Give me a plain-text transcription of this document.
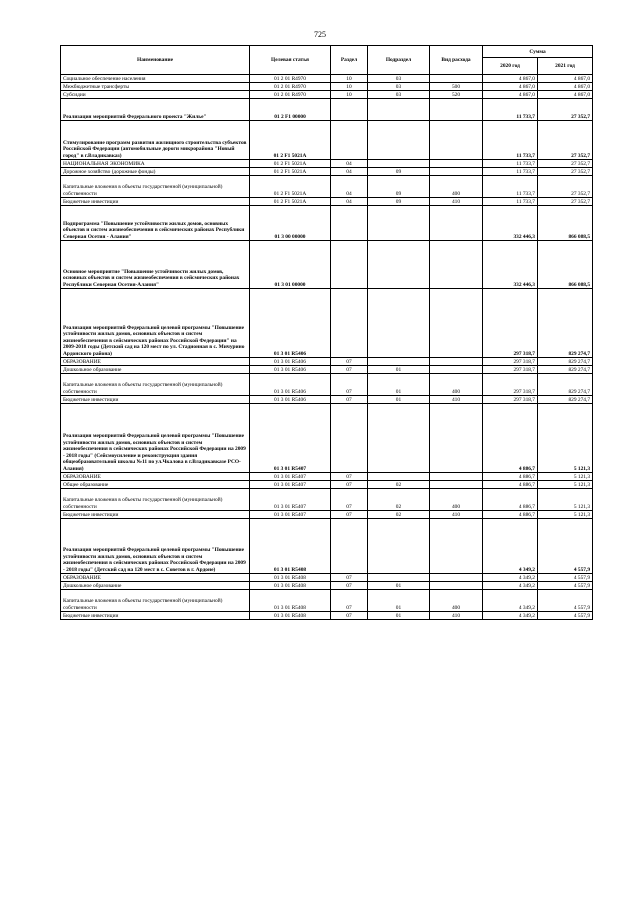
725
Наименование	Целевая статья	Раздел	Подраздел	Вид расхода	Сумма	
					2020 год	2021 год
Социальное обеспечение населения	01 2 01 R4970	10	03		4 867,0	4 867,0
Межбюджетные трансферты	01 2 01 R4970	10	03	500	4 867,0	4 867,0
Субсидии	01 2 01 R4970	10	03	520	4 867,0	4 867,0
Реализация мероприятий Федерального проекта "Жилье"	01 2 F1 00000				11 733,7	27 352,7
Стимулирование программ развития жилищного строительства субъектов Российской Федерации (автомобильные дороги микрорайона "Новый город" в г.Владикавказ)	01 2 F1 5021A				11 733,7	27 352,7
НАЦИОНАЛЬНАЯ ЭКОНОМИКА	01 2 F1 5021A	04			11 733,7	27 352,7
Дорожное хозяйство (дорожные фонды)	01 2 F1 5021A	04	09		11 733,7	27 352,7
Капитальные вложения в объекты государственной (муниципальной) собственности	01 2 F1 5021A	04	09	400	11 733,7	27 352,7
Бюджетные инвестиции	01 2 F1 5021A	04	09	410	11 733,7	27 352,7
Подпрограмма "Повышение устойчивости жилых домов, основных объектов и систем жизнеобеспечения в сейсмических районах Республики Северная Осетия - Алания"	01 3 00 00000				332 446,3	866 088,5
Основное мероприятие "Повышение устойчивости жилых домов, основных объектов и систем жизнеобеспечения в сейсмических районах Республики Северная Осетия-Алания"	01 3 01 00000				332 446,3	866 088,5
Реализация мероприятий Федеральной целевой программы "Повышение устойчивости жилых домов, основных объектов и систем жизнеобеспечения в сейсмических районах Российской Федерации" на 2009-2018 годы (Детский сад на 120 мест по ул. Стадионная в с. Мичурино Ардонского района)	01 3 01 R5406				297 318,7	829 274,7
ОБРАЗОВАНИЕ	01 3 01 R5406	07			297 318,7	829 274,7
Дошкольное образование	01 3 01 R5406	07	01		297 318,7	829 274,7
Капитальные вложения в объекты государственной (муниципальной) собственности	01 3 01 R5406	07	01	400	297 318,7	829 274,7
Бюджетные инвестиции	01 3 01 R5406	07	01	410	297 318,7	829 274,7
Реализация мероприятий Федеральной целевой программы "Повышение устойчивости жилых домов, основных объектов и систем жизнеобеспечения в сейсмических районах Российской Федерации на 2009 - 2018 годы" (Сейсмоусиление и реконструкция здания общеобразовательной школы №11 по ул.Чкалова в г.Владикавказе РСО-Алания)	01 3 01 R5407				4 886,7	5 121,3
ОБРАЗОВАНИЕ	01 3 01 R5407	07			4 886,7	5 121,3
Общее образование	01 3 01 R5407	07	02		4 886,7	5 121,3
Капитальные вложения в объекты государственной (муниципальной) собственности	01 3 01 R5407	07	02	400	4 886,7	5 121,3
Бюджетные инвестиции	01 3 01 R5407	07	02	410	4 886,7	5 121,3
Реализация мероприятий Федеральной целевой программы "Повышение устойчивости жилых домов, основных объектов и систем жизнеобеспечения в сейсмических районах Российской Федерации на 2009 - 2018 годы" (Детский сад на 120 мест в с. Советов в г. Ардоне)	01 3 01 R5408				4 349,2	4 557,9
ОБРАЗОВАНИЕ	01 3 01 R5408	07			4 349,2	4 557,9
Дошкольное образование	01 3 01 R5408	07	01		4 349,2	4 557,9
Капитальные вложения в объекты государственной (муниципальной) собственности	01 3 01 R5408	07	01	400	4 349,2	4 557,9
Бюджетные инвестиции	01 3 01 R5408	07	01	410	4 349,2	4 557,9
